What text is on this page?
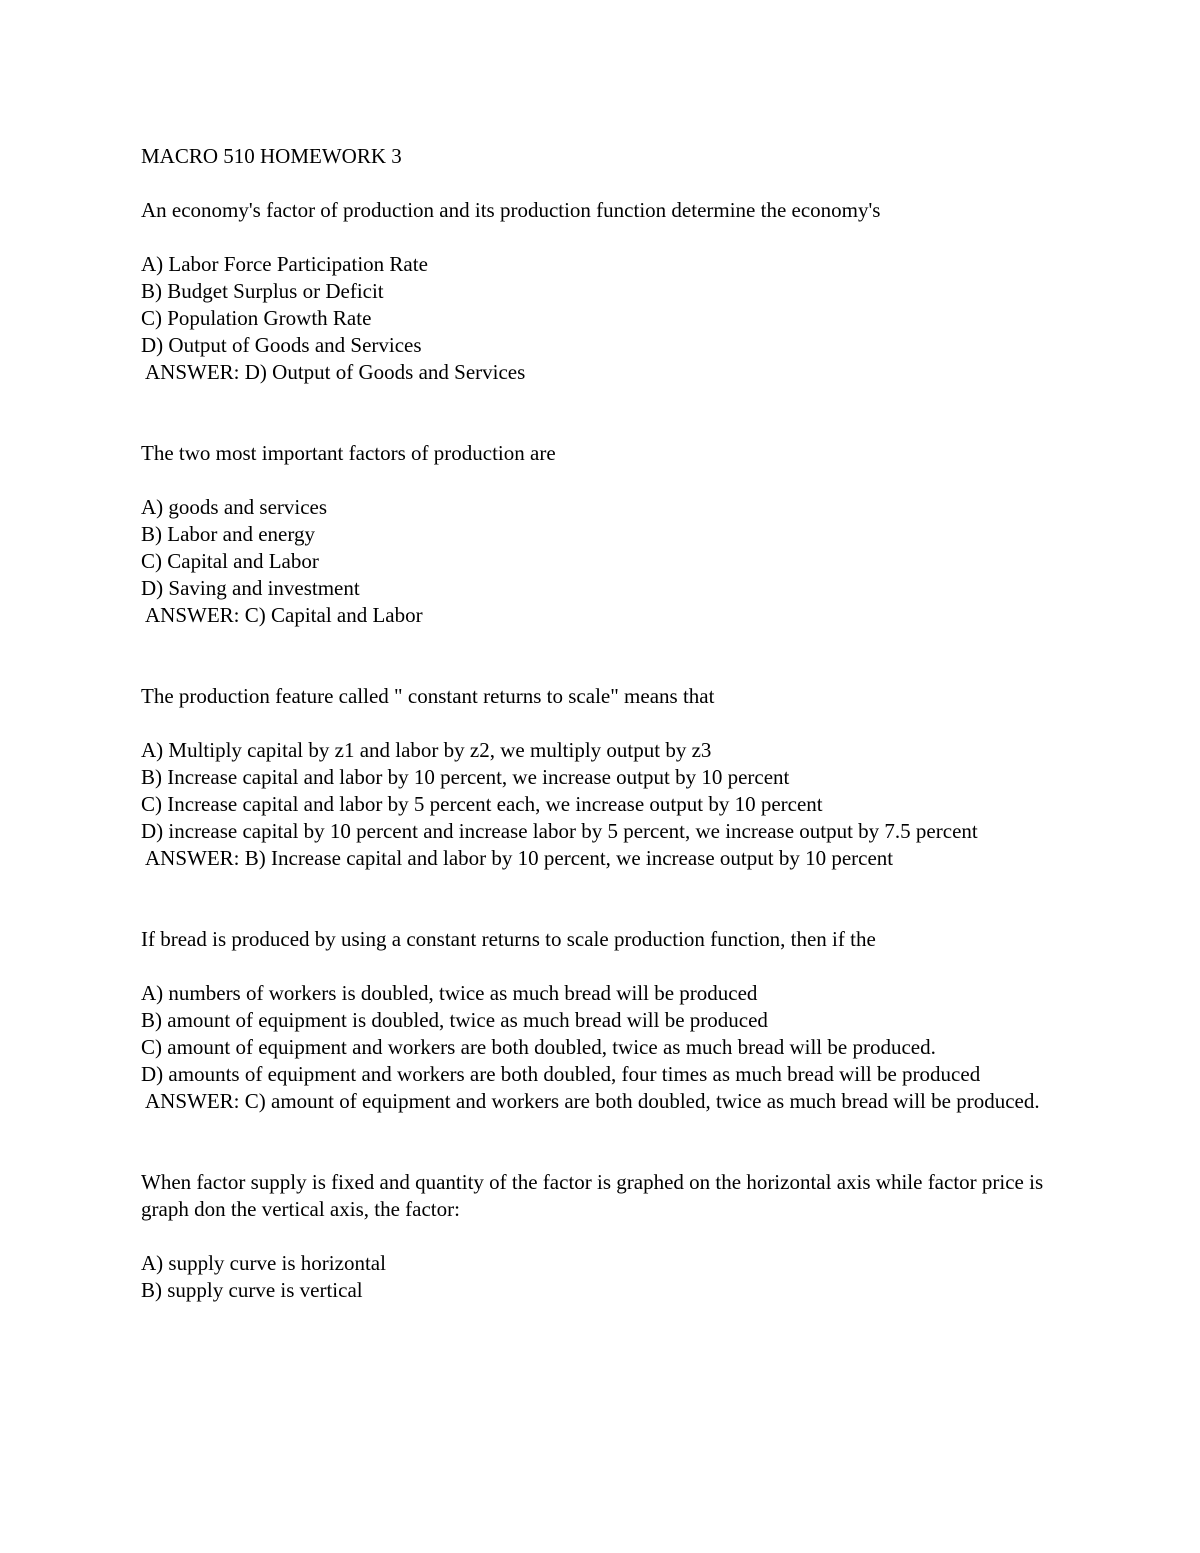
MACRO 510 HOMEWORK 3

An economy's factor of production and its production function determine the economy's

A) Labor Force Participation Rate

B) Budget Surplus or Deficit

C) Population Growth Rate

D) Output of Goods and Services

ANSWER: D) Output of Goods and Services

The two most important factors of production are

A) goods and services

B) Labor and energy

C) Capital and Labor

D) Saving and investment

ANSWER: C) Capital and Labor

The production feature called " constant returns to scale" means that

A) Multiply capital by z1 and labor by z2, we multiply output by z3

B) Increase capital and labor by 10 percent, we increase output by 10 percent

C) Increase capital and labor by 5 percent each, we increase output by 10 percent

D) increase capital by 10 percent and increase labor by 5 percent, we increase output by 7.5 percent

ANSWER: B) Increase capital and labor by 10 percent, we increase output by 10 percent

If bread is produced by using a constant returns to scale production function, then if the

A) numbers of workers is doubled, twice as much bread will be produced

B) amount of equipment is doubled, twice as much bread will be produced

C) amount of equipment and workers are both doubled, twice as much bread will be produced.

D) amounts of equipment and workers are both doubled, four times as much bread will be produced

ANSWER: C) amount of equipment and workers are both doubled, twice as much bread will be produced.

When factor supply is fixed and quantity of the factor is graphed on the horizontal axis while factor price is graph don the vertical axis, the factor:

A) supply curve is horizontal

B) supply curve is vertical
